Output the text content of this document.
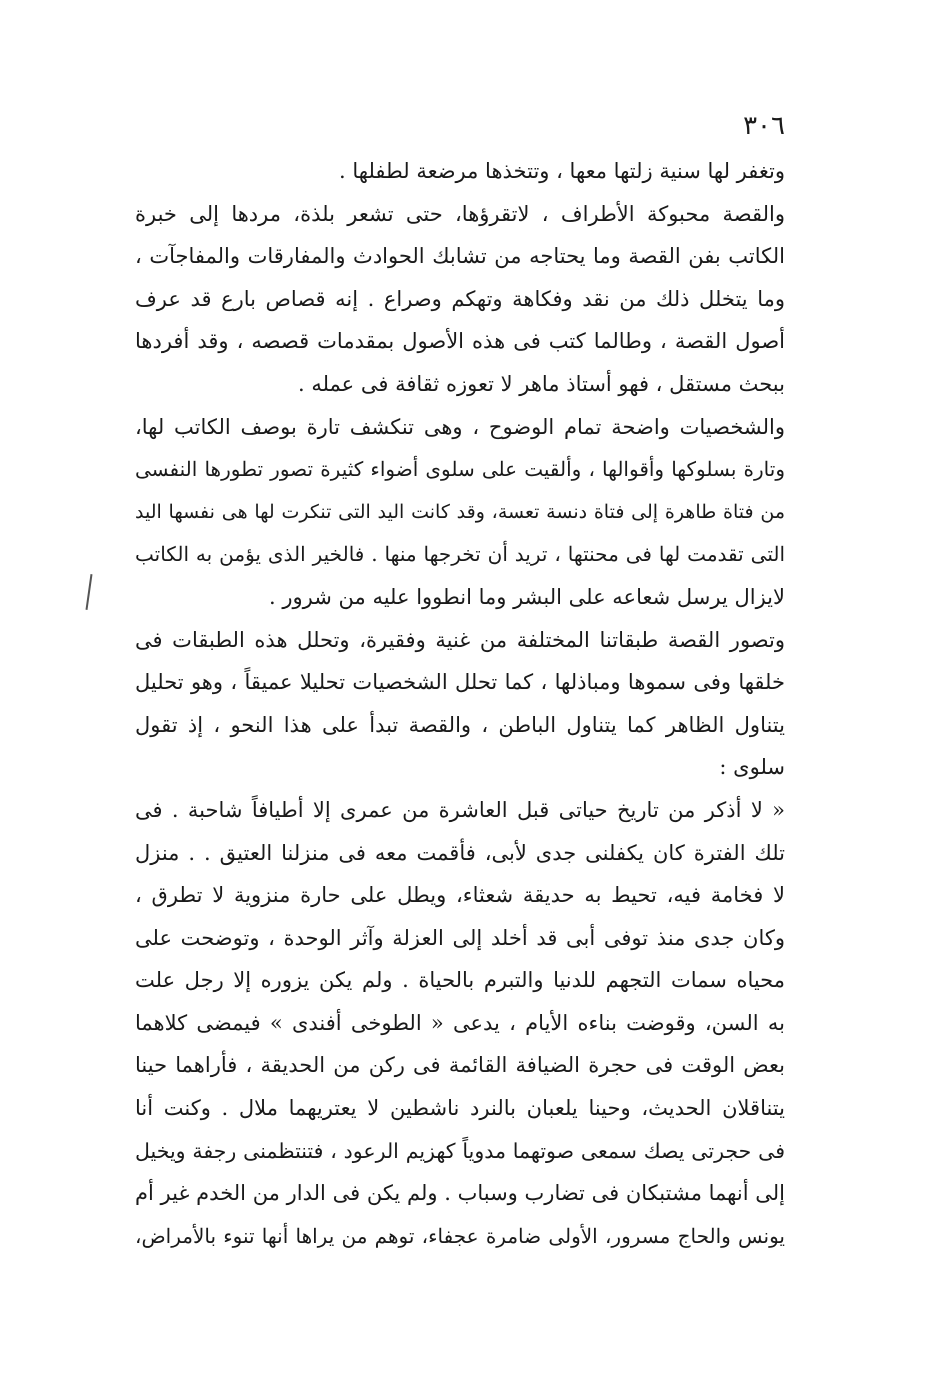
٣٠٦
وتغفر لها سنية زلتها معها ، وتتخذها مرضعة لطفلها .
والقصة محبوكة الأطراف ، لاتقرؤها، حتى تشعر بلذة، مردها إلى خبرة
الكاتب بفن القصة وما يحتاجه من تشابك الحوادث والمفارقات والمفاجآت ،
وما يتخلل ذلك من نقد وفكاهة وتهكم وصراع . إنه قصاص بارع قد عرف
أصول القصة ، وطالما كتب فى هذه الأصول بمقدمات قصصه ، وقد أفردها
ببحث مستقل ، فهو أستاذ ماهر لا تعوزه ثقافة فى عمله .
والشخصيات واضحة تمام الوضوح ، وهى تنكشف تارة بوصف الكاتب لها،
وتارة بسلوكها وأقوالها ، وألقيت على سلوى أضواء كثيرة تصور تطورها النفسى
من فتاة طاهرة إلى فتاة دنسة تعسة، وقد كانت اليد التى تنكرت لها هى نفسها اليد
التى تقدمت لها فى محنتها ، تريد أن تخرجها منها . فالخير الذى يؤمن به الكاتب
لايزال يرسل شعاعه على البشر وما انطووا عليه من شرور .
وتصور القصة طبقاتنا المختلفة من غنية وفقيرة، وتحلل هذه الطبقات فى
خلقها وفى سموها ومباذلها ، كما تحلل الشخصيات تحليلا عميقاً ، وهو تحليل
يتناول الظاهر كما يتناول الباطن ، والقصة تبدأ على هذا النحو ، إذ تقول
سلوى :
« لا أذكر من تاريخ حياتى قبل العاشرة من عمرى إلا أطيافاً شاحبة . فى
تلك الفترة كان يكفلنى جدى لأبى، فأقمت معه فى منزلنا العتيق . . منزل
لا فخامة فيه، تحيط به حديقة شعثاء، ويطل على حارة منزوية لا تطرق ،
وكان جدى منذ توفى أبى قد أخلد إلى العزلة وآثر الوحدة ، وتوضحت على
محياه سمات التجهم للدنيا والتبرم بالحياة . ولم يكن يزوره إلا رجل علت
به السن، وقوضت بناءه الأيام ، يدعى « الطوخى أفندى » فيمضى كلاهما
بعض الوقت فى حجرة الضيافة القائمة فى ركن من الحديقة ، فأراهما حينا
يتناقلان الحديث، وحينا يلعبان بالنرد ناشطين لا يعتريهما ملال . وكنت أنا
فى حجرتى يصك سمعى صوتهما مدوياً كهزيم الرعود ، فتنتظمنى رجفة ويخيل
إلى أنهما مشتبكان فى تضارب وسباب . ولم يكن فى الدار من الخدم غير أم
يونس والحاج مسرور، الأولى ضامرة عجفاء، توهم من يراها أنها تنوء بالأمراض،
